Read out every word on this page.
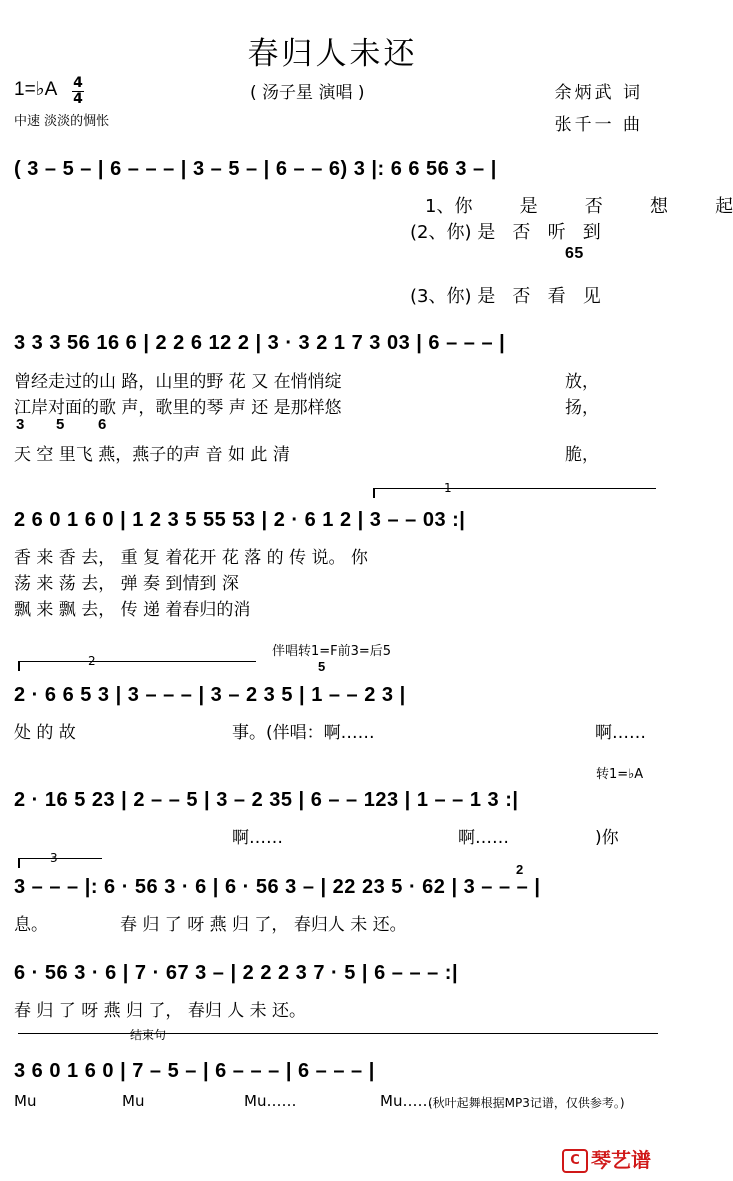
春归人未还
1=♭A 4
4	( 汤子星 演唱 )
中速 淡淡的惆怅
余炳武 词
张千一 曲
( 3 – 5 – | 6 – – – | 3 – 5 – | 6 – – 6) 3 |: 6 6 56 3 – |
1、你	是	否	想	起
(2、你) 是 否 听 到
65
(3、你) 是 否 看 见
3 3 3 56 16 6 | 2 2 6 12 2 | 3 · 3 2 1 7 3 03 | 6 – – – |
曾经走过的山 路，山里的野 花 又 在悄悄绽	放，
江岸对面的歌 声，歌里的琴 声 还 是那样悠	扬，
3 5 6
天 空 里飞 燕，燕子的声 音 如 此 清	脆，
1
2 6 0 1 6 0 | 1 2 3 5 55 53 | 2 · 6 1 2 | 3 – – 03 :|
香 来 香 去， 重 复 着花开 花 落 的 传 说。 你
荡 来 荡 去， 弹 奏 到情到 深
飘 来 飘 去， 传 递 着春归的消
2
伴唱转1=F前3=后5
5
2 · 6 6 5 3 | 3 – – – | 3 – 2 3 5 | 1 – – 2 3 |
处 的 故	事。(伴唱：啊……	啊……
转1=♭A
2 · 16 5 23 | 2 – – 5 | 3 – 2 35 | 6 – – 123 | 1 – – 1 3 :|
啊……	啊……	)你
3
2
3 – – – |: 6 · 56 3 · 6 | 6 · 56 3 – | 22 23 5 · 62 | 3 – – – |
息。	春 归 了 呀 燕 归 了， 春归人 未 还。
6 · 56 3 · 6 | 7 · 67 3 – | 2 2 2 3 7 · 5 | 6 – – – :|
春 归 了 呀 燕 归 了， 春归 人 未 还。
结束句
3 6 0 1 6 0 | 7 – 5 – | 6 – – – | 6 – – – |
Mu	Mu	Mu……	Mu……
(秋叶起舞根据MP3记谱，仅供参考。)
C 琴艺谱
